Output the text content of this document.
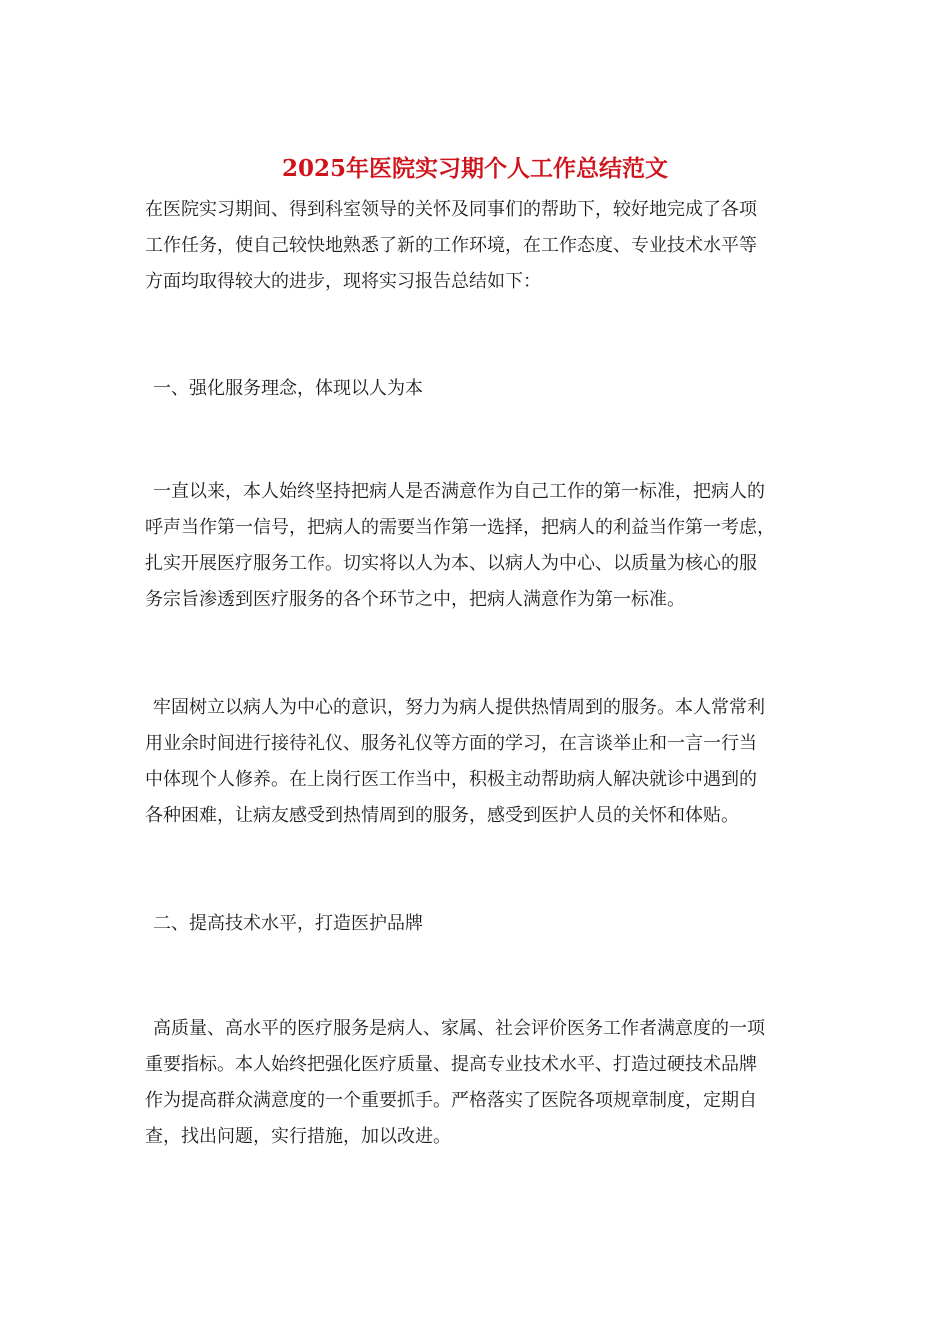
2025年医院实习期个人工作总结范文

在医院实习期间、得到科室领导的关怀及同事们的帮助下，较好地完成了各项
工作任务，使自己较快地熟悉了新的工作环境，在工作态度、专业技术水平等
方面均取得较大的进步，现将实习报告总结如下：

一、强化服务理念，体现以人为本

一直以来，本人始终坚持把病人是否满意作为自己工作的第一标准，把病人的
呼声当作第一信号，把病人的需要当作第一选择，把病人的利益当作第一考虑，
扎实开展医疗服务工作。切实将以人为本、以病人为中心、以质量为核心的服
务宗旨渗透到医疗服务的各个环节之中，把病人满意作为第一标准。

牢固树立以病人为中心的意识，努力为病人提供热情周到的服务。本人常常利
用业余时间进行接待礼仪、服务礼仪等方面的学习，在言谈举止和一言一行当
中体现个人修养。在上岗行医工作当中，积极主动帮助病人解决就诊中遇到的
各种困难，让病友感受到热情周到的服务，感受到医护人员的关怀和体贴。

二、提高技术水平，打造医护品牌

高质量、高水平的医疗服务是病人、家属、社会评价医务工作者满意度的一项
重要指标。本人始终把强化医疗质量、提高专业技术水平、打造过硬技术品牌
作为提高群众满意度的一个重要抓手。严格落实了医院各项规章制度，定期自
查，找出问题，实行措施，加以改进。
